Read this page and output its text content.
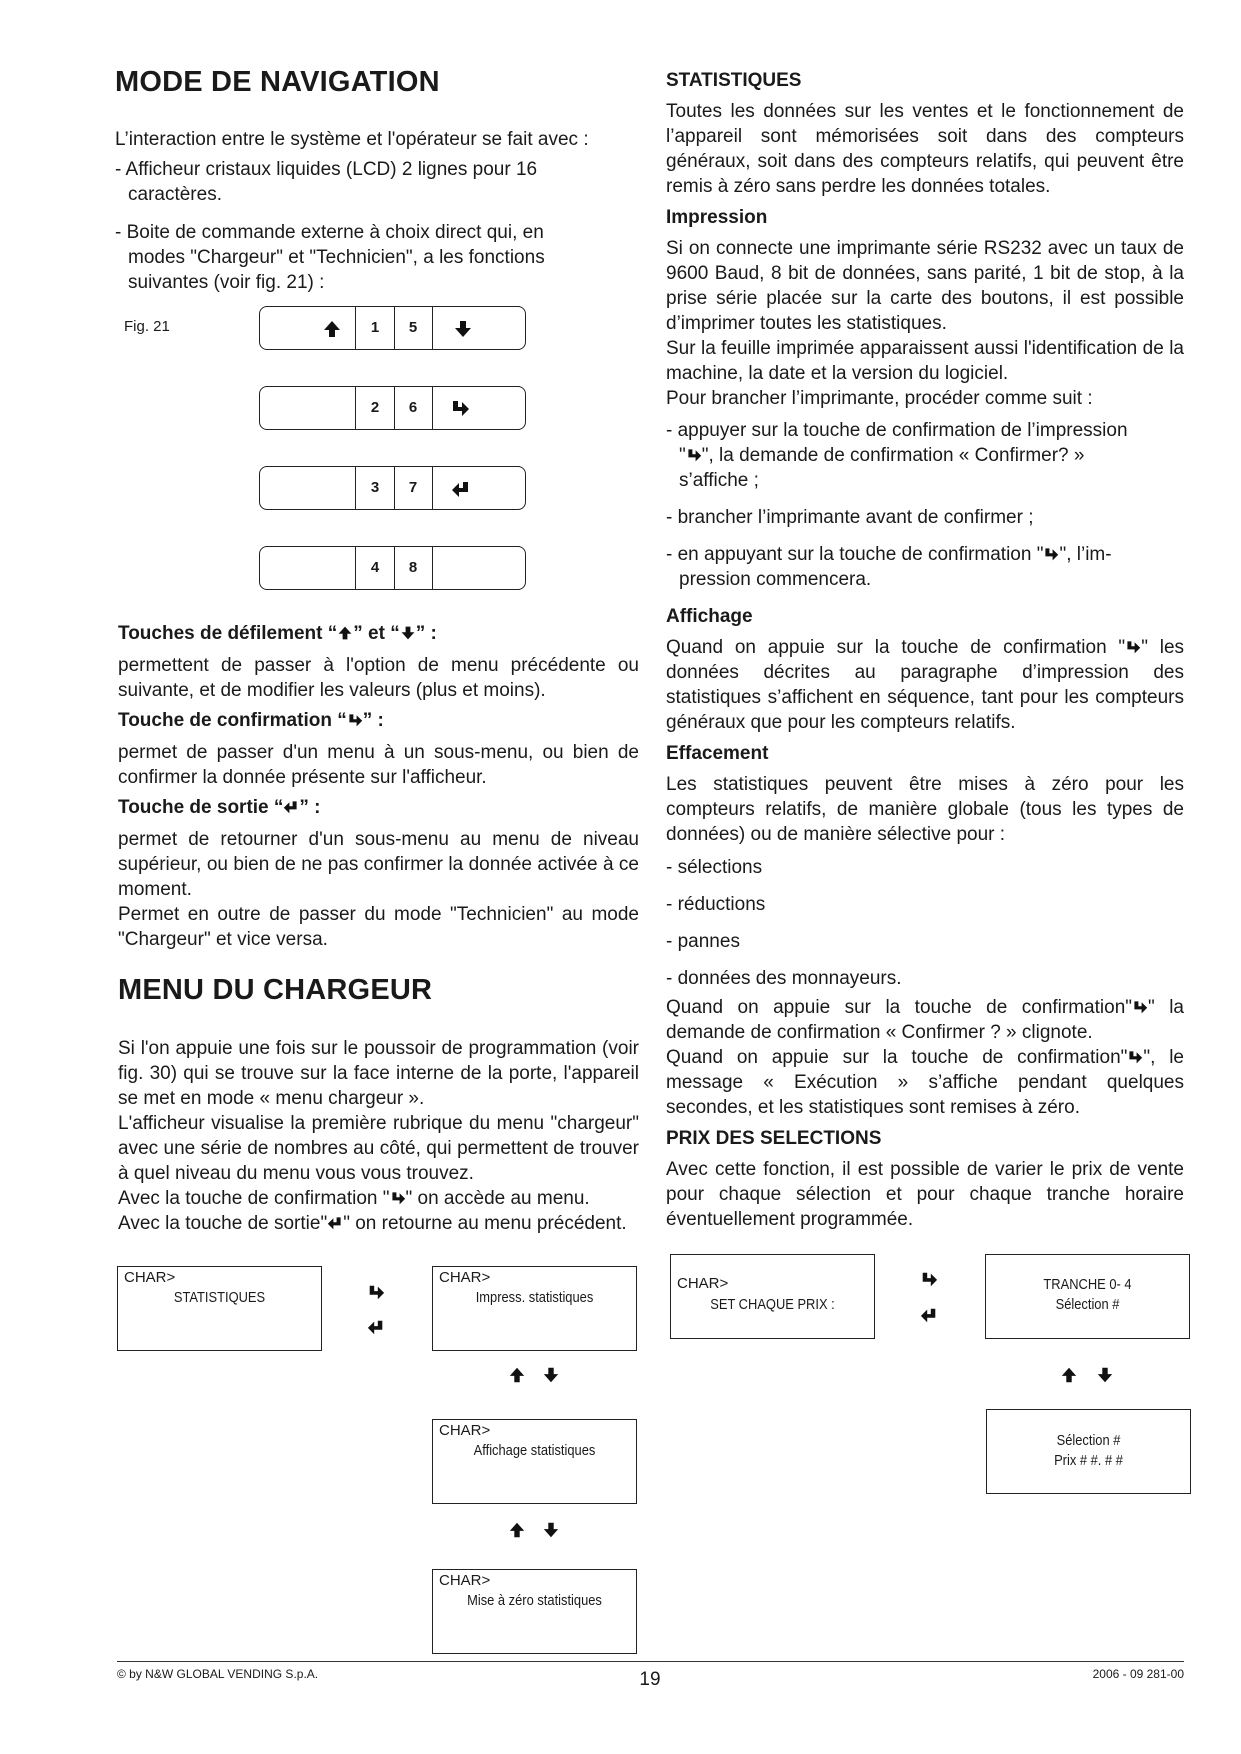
MODE DE NAVIGATION
L’interaction entre le système et l'opérateur se fait avec :
- Afficheur cristaux liquides (LCD) 2 lignes pour 16
caractères.
- Boite de commande externe à choix direct qui, en
modes "Chargeur" et "Technicien", a les fonctions
suivantes (voir fig. 21) :
Fig. 21	1	5
2	6
3	7
4	8
Touches de défilement “ ” et “ ” :
permettent de passer à l'option de menu précédente ou suivante, et de modifier les valeurs (plus et moins).
Touche de confirmation “ ” :
permet de passer d'un menu à un sous-menu, ou bien de confirmer la donnée présente sur l'afficheur.
Touche de sortie “ ” :
permet de retourner d'un sous-menu au menu de niveau supérieur, ou bien de ne pas confirmer la donnée activée à ce moment.
Permet en outre de passer du mode "Technicien" au mode "Chargeur" et vice versa.
MENU DU CHARGEUR
Si l'on appuie une fois sur le poussoir de programmation (voir fig. 30) qui se trouve sur la face interne de la porte, l'appareil se met en mode « menu chargeur ».
L'afficheur visualise la première rubrique du menu "chargeur" avec une série de nombres au côté, qui permettent de trouver à quel niveau du menu vous vous trouvez.
Avec la touche de confirmation " " on accède au menu.
Avec la touche de sortie" " on retourne au menu précédent.
CHAR>
STATISTIQUES
CHAR>
Impress. statistiques
CHAR>
Affichage statistiques
CHAR>
Mise à zéro statistiques
STATISTIQUES
Toutes les données sur les ventes et le fonctionnement de l’appareil sont mémorisées soit dans des compteurs généraux, soit dans des compteurs relatifs, qui peuvent être remis à zéro sans perdre les données totales.
Impression
Si on connecte une imprimante série RS232 avec un taux de 9600 Baud, 8 bit de données, sans parité, 1 bit de stop, à la prise série placée sur la carte des boutons, il est possible d’imprimer toutes les statistiques.
Sur la feuille imprimée apparaissent aussi l'identification de la machine, la date et la version du logiciel.
Pour brancher l’imprimante, procéder comme suit :
- appuyer sur la touche de confirmation de l’impression
" ", la demande de confirmation « Confirmer? »
s’affiche ;
- brancher l’imprimante avant de confirmer ;
- en appuyant sur la touche de confirmation " ", l’im-
pression commencera.
Affichage
Quand on appuie sur la touche de confirmation " " les données décrites au paragraphe d’impression des statistiques s’affichent en séquence, tant pour les compteurs généraux que pour les compteurs relatifs.
Effacement
Les statistiques peuvent être mises à zéro pour les compteurs relatifs, de manière globale (tous les types de données) ou de manière sélective pour :
- sélections
- réductions
- pannes
- données des monnayeurs.
Quand on appuie sur la touche de confirmation" " la demande de confirmation « Confirmer ? » clignote.
Quand on appuie sur la touche de confirmation" ", le message « Exécution » s’affiche pendant quelques secondes, et les statistiques sont remises à zéro.
PRIX DES SELECTIONS
Avec cette fonction, il est possible de varier le prix de vente pour chaque sélection et pour chaque tranche horaire éventuellement programmée.
CHAR>
SET CHAQUE PRIX :
TRANCHE 0- 4
Sélection #
Sélection #
Prix # #. # #
© by N&W GLOBAL VENDING S.p.A.	19	2006 - 09 281-00
